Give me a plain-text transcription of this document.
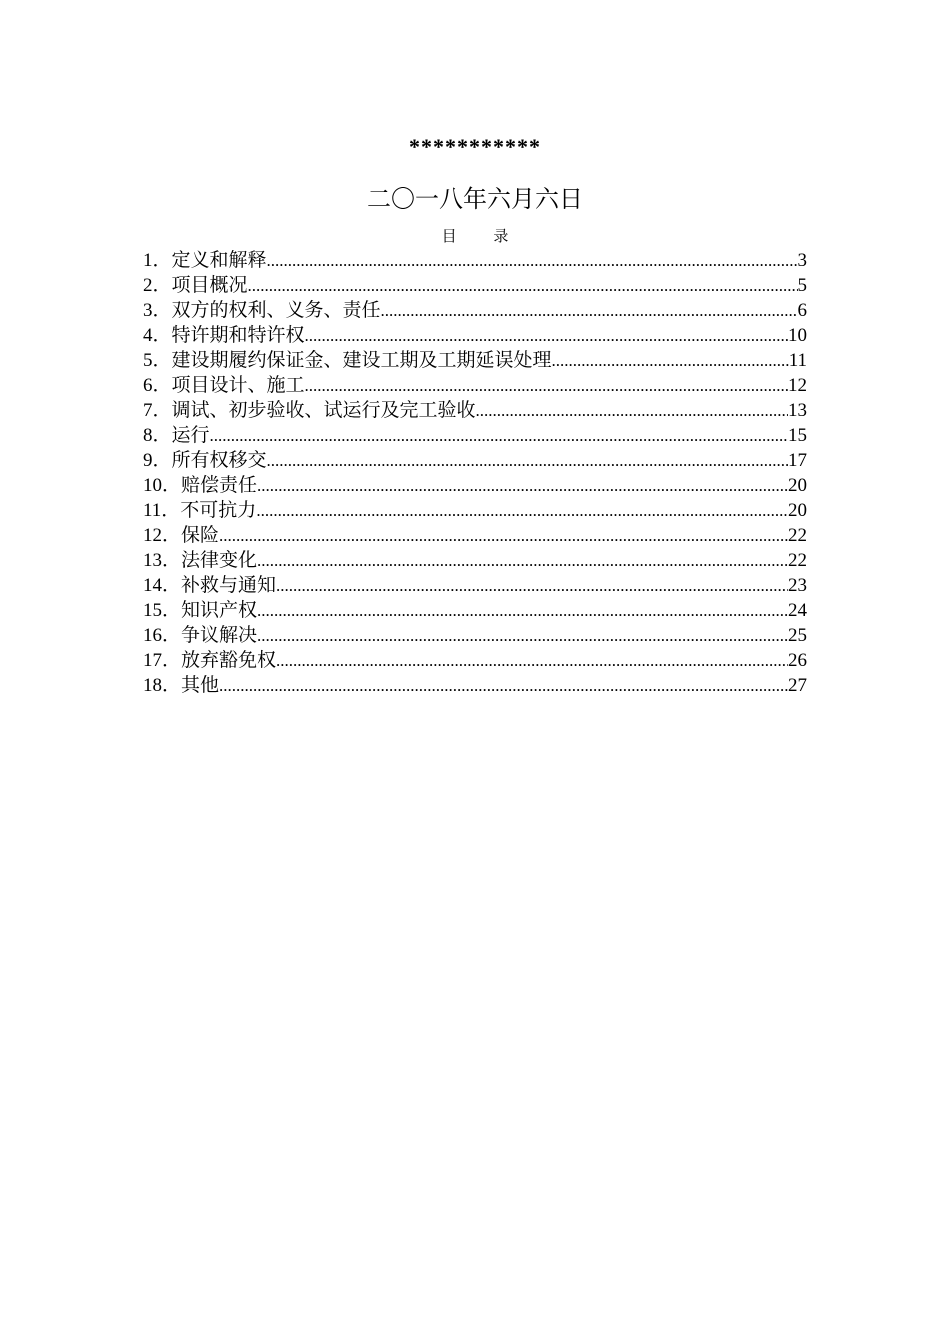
***********
二〇一八年六月六日
目 录
1． 定义和解释 .....	3
2． 项目概况 .....	5
3． 双方的权利、义务、责任 .....	6
4． 特许期和特许权 .....	10
5． 建设期履约保证金、建设工期及工期延误处理 .....	11
6． 项目设计、施工 .....	12
7． 调试、初步验收、试运行及完工验收 .....	13
8． 运行 .....	15
9． 所有权移交 .....	17
10． 赔偿责任 .....	20
11． 不可抗力 .....	20
12． 保险 .....	22
13． 法律变化 .....	22
14． 补救与通知 .....	23
15． 知识产权 .....	24
16． 争议解决 .....	25
17． 放弃豁免权 .....	26
18． 其他 .....	27
